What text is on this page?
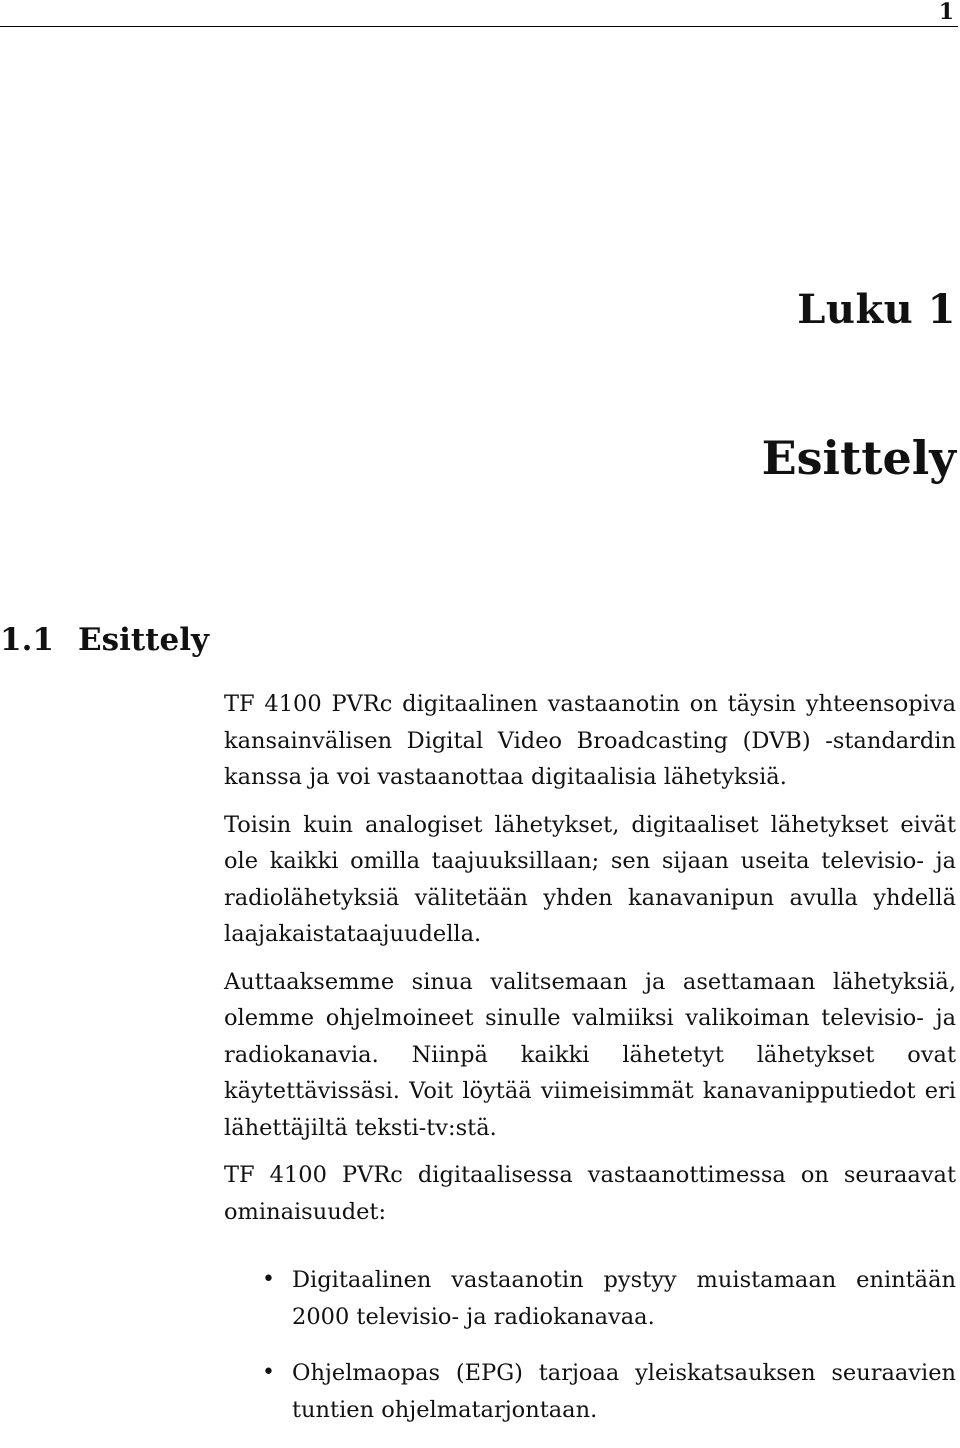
1
Luku 1
Esittely
1.1 Esittely

TF 4100 PVRc digitaalinen vastaanotin on täysin yhteensopiva kansainvälisen Digital Video Broadcasting (DVB) -standardin kanssa ja voi vastaanottaa digitaalisia lähetyksiä.

Toisin kuin analogiset lähetykset, digitaaliset lähetykset eivät ole kaikki omilla taajuuksillaan; sen sijaan useita televisio- ja radiolähetyksiä välitetään yhden kanavanipun avulla yhdellä laajakaistataajuudella.

Auttaaksemme sinua valitsemaan ja asettamaan lähetyksiä, olemme ohjelmoineet sinulle valmiiksi valikoiman televisio- ja radiokanavia. Niinpä kaikki lähetetyt lähetykset ovat käytettävissäsi. Voit löytää viimeisimmät kanavanipputiedot eri lähettäjiltä teksti-tv:stä.

TF 4100 PVRc digitaalisessa vastaanottimessa on seuraavat ominaisuudet:

• Digitaalinen vastaanotin pystyy muistamaan enintään 2000 televisio- ja radiokanavaa.
• Ohjelmaopas (EPG) tarjoaa yleiskatsauksen seuraavien tuntien ohjelmatarjontaan.
